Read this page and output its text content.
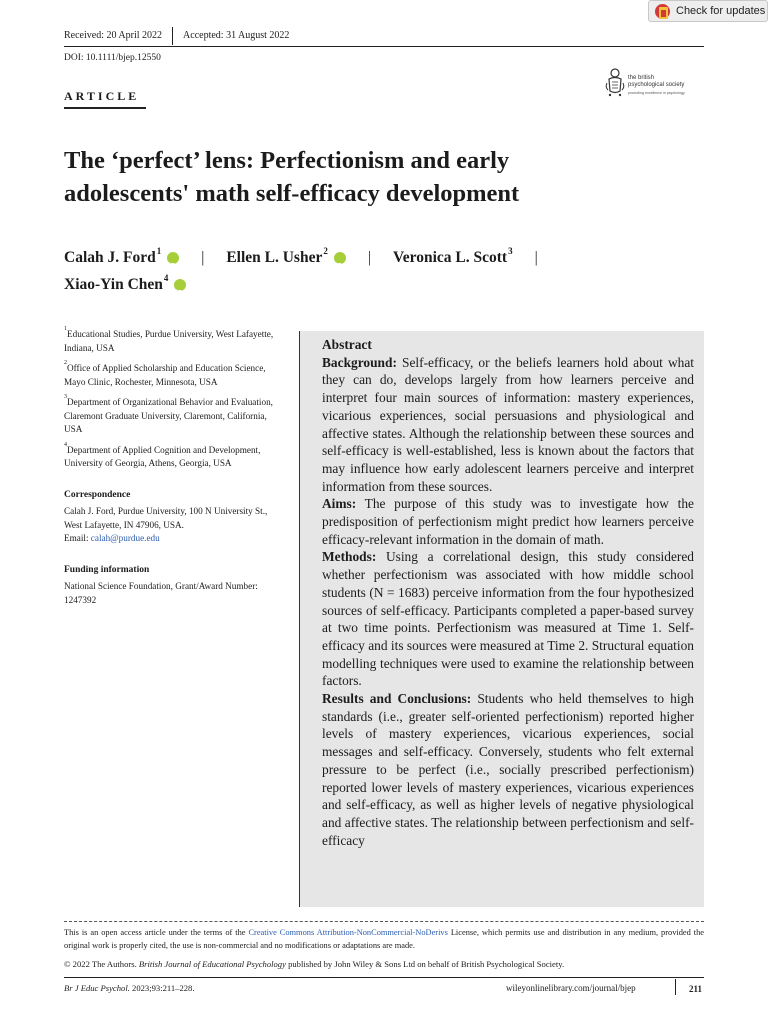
Check for updates
Received: 20 April 2022	Accepted: 31 August 2022
DOI: 10.1111/bjep.12550
ARTICLE
the british
psychological society
promoting excellence in psychology
The ‘perfect’ lens: Perfectionism and early
adolescents' math self-efficacy development
Calah J. Ford$^1$ iD	| Ellen L. Usher$^2$ iD	| Veronica L. Scott$^3$ |
Xiao-Yin Chen$^4$
iD
$^1$Educational Studies, Purdue University, West Lafayette, Indiana, USA
$^2$Office of Applied Scholarship and Education Science, Mayo Clinic, Rochester, Minnesota, USA
$^3$Department of Organizational Behavior and Evaluation, Claremont Graduate University, Claremont, California, USA
$^4$Department of Applied Cognition and Development, University of Georgia, Athens, Georgia, USA
Correspondence
Calah J. Ford, Purdue University, 100 N University St., West Lafayette, IN 47906, USA.
Email: calah@purdue.edu
Funding information
National Science Foundation, Grant/Award Number: 1247392
Abstract

Background: Self-efficacy, or the beliefs learners hold about what they can do, develops largely from how learners perceive and interpret four main sources of information: mastery experiences, vicarious experiences, social persuasions and physiological and affective states. Although the relationship between these sources and self-efficacy is well-established, less is known about the factors that may influence how early adolescent learners perceive and interpret information from these sources.

Aims: The purpose of this study was to investigate how the predisposition of perfectionism might predict how learners perceive efficacy-relevant information in the domain of math.

Methods: Using a correlational design, this study considered whether perfectionism was associated with how middle school students (N = 1683) perceive information from the four hypothesized sources of self-efficacy. Participants completed a paper-based survey at two time points. Perfectionism was measured at Time 1. Self-efficacy and its sources were measured at Time 2. Structural equation modelling techniques were used to examine the relationship between factors.

Results and Conclusions: Students who held themselves to high standards (i.e., greater self-oriented perfectionism) reported higher levels of mastery experiences, vicarious experiences, social messages and self-efficacy. Conversely, students who felt external pressure to be perfect (i.e., socially prescribed perfectionism) reported lower levels of mastery experiences, vicarious experiences and self-efficacy, as well as higher levels of negative physiological and affective states. The relationship between perfectionism and self-efficacy

This is an open access article under the terms of the Creative Commons Attribution-NonCommercial-NoDerivs License, which permits use and distribution in any medium, provided the original work is properly cited, the use is non-commercial and no modifications or adaptations are made.
© 2022 The Authors. British Journal of Educational Psychology published by John Wiley & Sons Ltd on behalf of British Psychological Society.
Br J Educ Psychol. 2023;93:211–228.	wileyonlinelibrary.com/journal/bjep	211
